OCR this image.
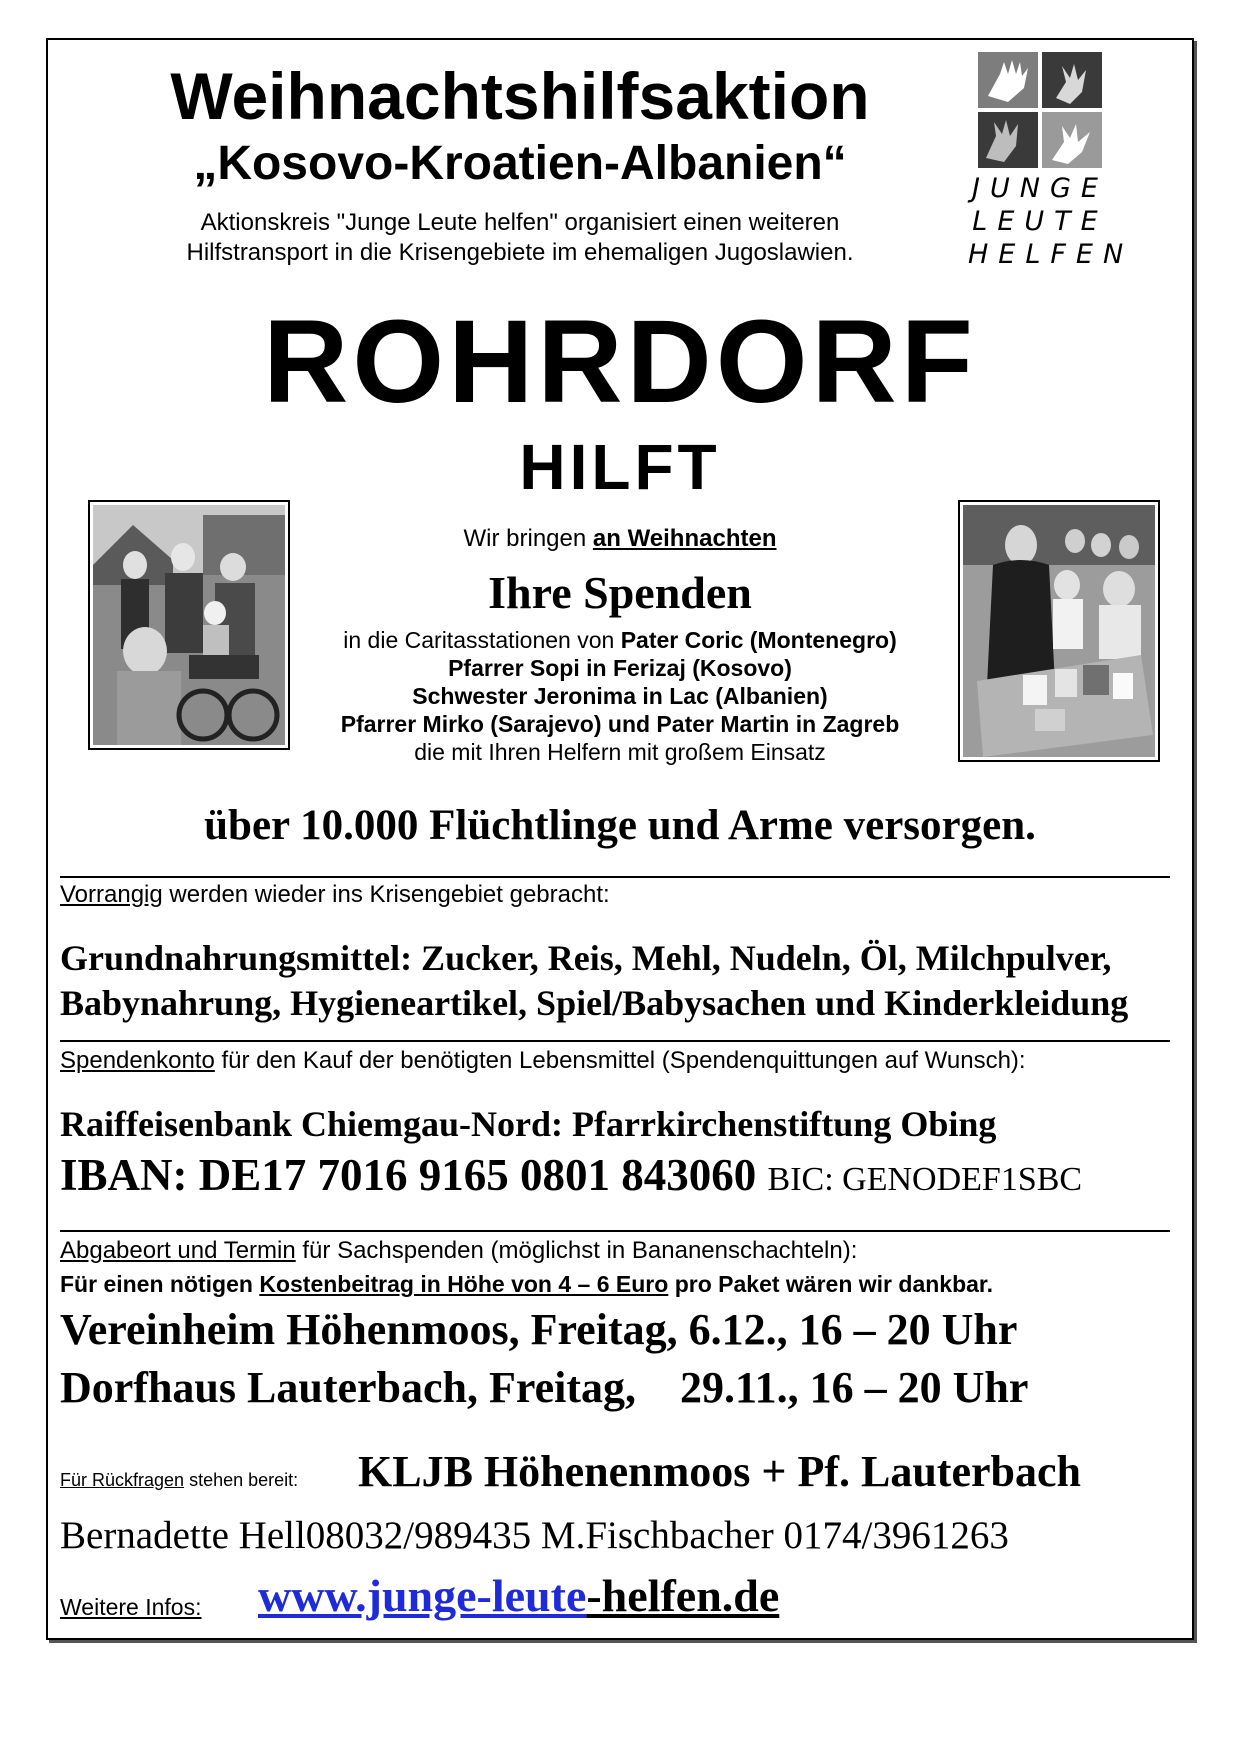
Weihnachtshilfsaktion
„Kosovo-Kroatien-Albanien“
Aktionskreis "Junge Leute helfen" organisiert einen weiteren
Hilfstransport in die Krisengebiete im ehemaligen Jugoslawien.
JUNGE
LEUTE
HELFEN
ROHRDORF
HILFT
Wir bringen an Weihnachten
Ihre Spenden
in die Caritasstationen von Pater Coric (Montenegro)
Pfarrer Sopi in Ferizaj (Kosovo)
Schwester Jeronima in Lac (Albanien)
Pfarrer Mirko (Sarajevo) und Pater Martin in Zagreb
die mit Ihren Helfern mit großem Einsatz
über 10.000 Flüchtlinge und Arme versorgen.
Vorrangig werden wieder ins Krisengebiet gebracht:
Grundnahrungsmittel: Zucker, Reis, Mehl, Nudeln, Öl, Milchpulver,
Babynahrung, Hygieneartikel, Spiel/Babysachen und Kinderkleidung
Spendenkonto für den Kauf der benötigten Lebensmittel (Spendenquittungen auf Wunsch):
Raiffeisenbank Chiemgau-Nord: Pfarrkirchenstiftung Obing
IBAN: DE17 7016 9165 0801 843060 BIC: GENODEF1SBC
Abgabeort und Termin für Sachspenden (möglichst in Bananenschachteln):
Für einen nötigen Kostenbeitrag in Höhe von 4 – 6 Euro pro Paket wären wir dankbar.
Vereinheim Höhenmoos, Freitag, 6.12., 16 – 20 Uhr
Dorfhaus Lauterbach, Freitag, 29.11., 16 – 20 Uhr
Für Rückfragen stehen bereit: KLJB Höhenenmoos + Pf. Lauterbach
Bernadette Hell08032/989435 M.Fischbacher 0174/3961263
Weitere Infos: www.junge-leute-helfen.de
